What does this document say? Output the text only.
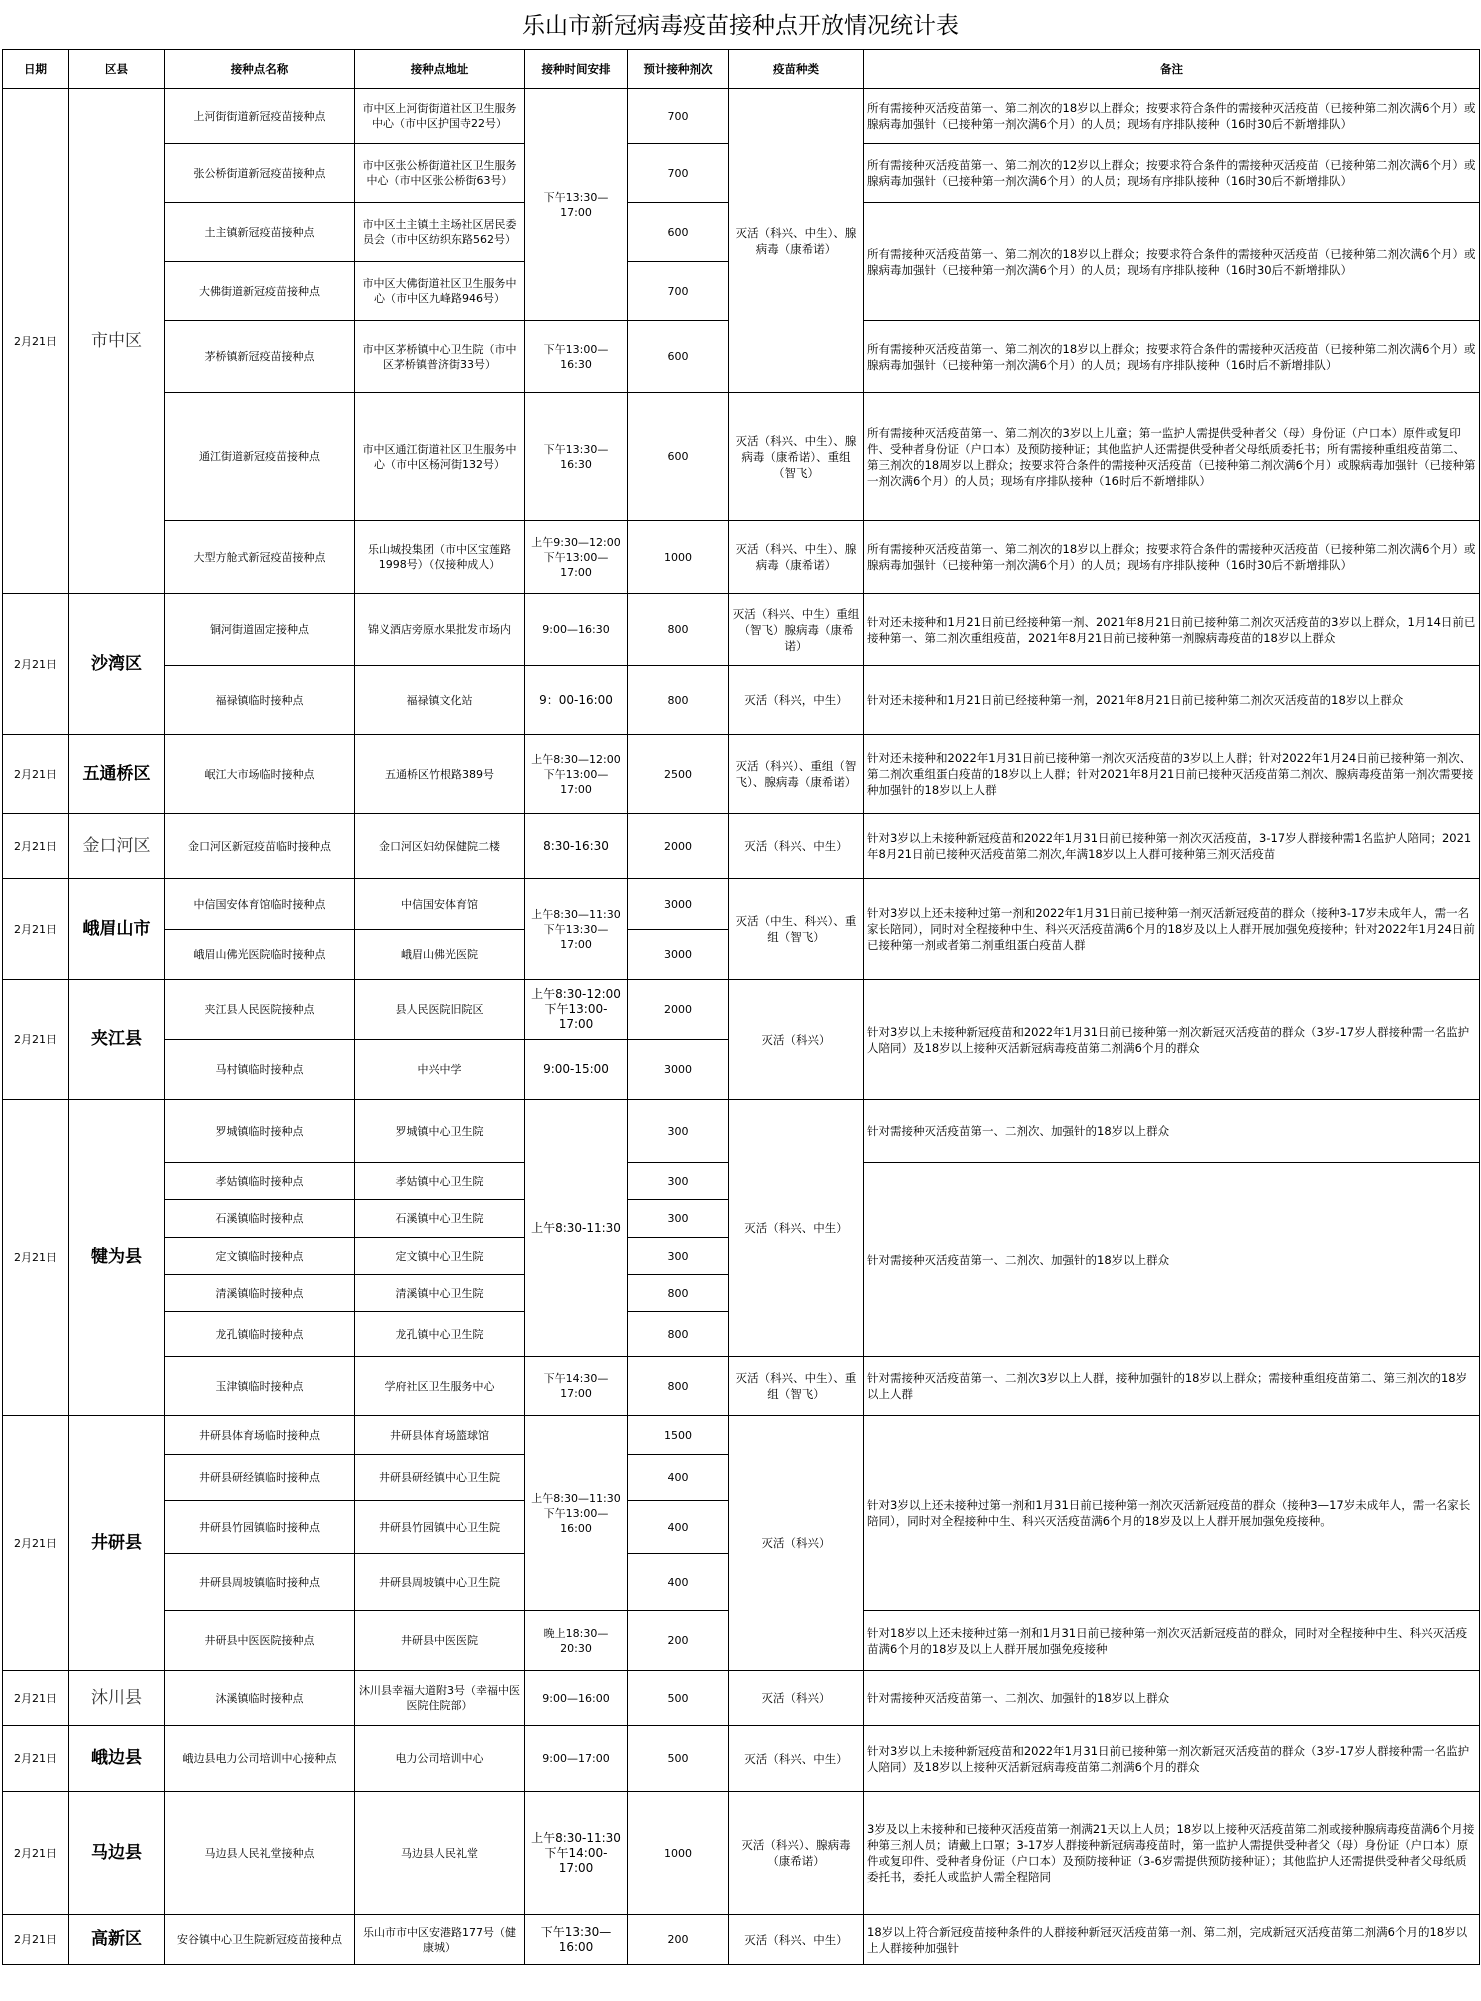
乐山市新冠病毒疫苗接种点开放情况统计表
日期	区县	接种点名称	接种点地址	接种时间安排	预计接种剂次	疫苗种类	备注
2月21日	市中区	上河街街道新冠疫苗接种点	市中区上河街街道社区卫生服务中心（市中区护国寺22号）	下午13:30—17:00	700	灭活（科兴、中生）、腺病毒（康希诺）	所有需接种灭活疫苗第一、第二剂次的18岁以上群众；按要求符合条件的需接种灭活疫苗（已接种第二剂次满6个月）或腺病毒加强针（已接种第一剂次满6个月）的人员；现场有序排队接种（16时30后不新增排队）
		张公桥街道新冠疫苗接种点	市中区张公桥街道社区卫生服务中心（市中区张公桥街63号）		700		所有需接种灭活疫苗第一、第二剂次的12岁以上群众；按要求符合条件的需接种灭活疫苗（已接种第二剂次满6个月）或腺病毒加强针（已接种第一剂次满6个月）的人员；现场有序排队接种（16时30后不新增排队）
		土主镇新冠疫苗接种点	市中区土主镇土主场社区居民委员会（市中区纺织东路562号）		600		所有需接种灭活疫苗第一、第二剂次的18岁以上群众；按要求符合条件的需接种灭活疫苗（已接种第二剂次满6个月）或腺病毒加强针（已接种第一剂次满6个月）的人员；现场有序排队接种（16时30后不新增排队）
		大佛街道新冠疫苗接种点	市中区大佛街道社区卫生服务中心（市中区九峰路946号）		700		
		茅桥镇新冠疫苗接种点	市中区茅桥镇中心卫生院（市中区茅桥镇普济街33号）	下午13:00—16:30	600		所有需接种灭活疫苗第一、第二剂次的18岁以上群众；按要求符合条件的需接种灭活疫苗（已接种第二剂次满6个月）或腺病毒加强针（已接种第一剂次满6个月）的人员；现场有序排队接种（16时后不新增排队）
		通江街道新冠疫苗接种点	市中区通江街道社区卫生服务中心（市中区杨河街132号）	下午13:30—16:30	600	灭活（科兴、中生）、腺病毒（康希诺）、重组（智飞）	所有需接种灭活疫苗第一、第二剂次的3岁以上儿童；第一监护人需提供受种者父（母）身份证（户口本）原件或复印件、受种者身份证（户口本）及预防接种证；其他监护人还需提供受种者父母纸质委托书；所有需接种重组疫苗第二、第三剂次的18周岁以上群众；按要求符合条件的需接种灭活疫苗（已接种第二剂次满6个月）或腺病毒加强针（已接种第一剂次满6个月）的人员；现场有序排队接种（16时后不新增排队）
		大型方舱式新冠疫苗接种点	乐山城投集团（市中区宝莲路1998号）（仅接种成人）	上午9:30—12:00 下午13:00—17:00	1000	灭活（科兴、中生）、腺病毒（康希诺）	所有需接种灭活疫苗第一、第二剂次的18岁以上群众；按要求符合条件的需接种灭活疫苗（已接种第二剂次满6个月）或腺病毒加强针（已接种第一剂次满6个月）的人员；现场有序排队接种（16时30后不新增排队）
2月21日	沙湾区	铜河街道固定接种点	锦义酒店旁原水果批发市场内	9:00—16:30	800	灭活（科兴、中生）重组（智飞）腺病毒（康希诺）	针对还未接种和1月21日前已经接种第一剂、2021年8月21日前已接种第二剂次灭活疫苗的3岁以上群众，1月14日前已接种第一、第二剂次重组疫苗，2021年8月21日前已接种第一剂腺病毒疫苗的18岁以上群众
		福禄镇临时接种点	福禄镇文化站	9：00-16:00	800	灭活（科兴，中生）	针对还未接种和1月21日前已经接种第一剂，2021年8月21日前已接种第二剂次灭活疫苗的18岁以上群众
2月21日	五通桥区	岷江大市场临时接种点	五通桥区竹根路389号	上午8:30—12:00 下午13:00—17:00	2500	灭活（科兴）、重组（智飞）、腺病毒（康希诺）	针对还未接种和2022年1月31日前已接种第一剂次灭活疫苗的3岁以上人群；针对2022年1月24日前已接种第一剂次、第二剂次重组蛋白疫苗的18岁以上人群；针对2021年8月21日前已接种灭活疫苗第二剂次、腺病毒疫苗第一剂次需要接种加强针的18岁以上人群
2月21日	金口河区	金口河区新冠疫苗临时接种点	金口河区妇幼保健院二楼	8:30-16:30	2000	灭活（科兴、中生）	针对3岁以上未接种新冠疫苗和2022年1月31日前已接种第一剂次灭活疫苗，3-17岁人群接种需1名监护人陪同；2021年8月21日前已接种灭活疫苗第二剂次,年满18岁以上人群可接种第三剂灭活疫苗
2月21日	峨眉山市	中信国安体育馆临时接种点	中信国安体育馆	上午8:30—11:30 下午13:30—17:00	3000	灭活（中生、科兴）、重组（智飞）	针对3岁以上还未接种过第一剂和2022年1月31日前已接种第一剂灭活新冠疫苗的群众（接种3-17岁未成年人，需一名家长陪同），同时对全程接种中生、科兴灭活疫苗满6个月的18岁及以上人群开展加强免疫接种；针对2022年1月24日前已接种第一剂或者第二剂重组蛋白疫苗人群
		峨眉山佛光医院临时接种点	峨眉山佛光医院		3000		
2月21日	夹江县	夹江县人民医院接种点	县人民医院旧院区	上午8:30-12:00 下午13:00-17:00	2000	灭活（科兴）	针对3岁以上未接种新冠疫苗和2022年1月31日前已接种第一剂次新冠灭活疫苗的群众（3岁-17岁人群接种需一名监护人陪同）及18岁以上接种灭活新冠病毒疫苗第二剂满6个月的群众
		马村镇临时接种点	中兴中学	9:00-15:00	3000		
2月21日	犍为县	罗城镇临时接种点	罗城镇中心卫生院	上午8:30-11:30	300	灭活（科兴、中生）	针对需接种灭活疫苗第一、二剂次、加强针的18岁以上群众
		孝姑镇临时接种点	孝姑镇中心卫生院		300		针对需接种灭活疫苗第一、二剂次、加强针的18岁以上群众
		石溪镇临时接种点	石溪镇中心卫生院		300		
		定文镇临时接种点	定文镇中心卫生院		300		
		清溪镇临时接种点	清溪镇中心卫生院		800		
		龙孔镇临时接种点	龙孔镇中心卫生院		800		
		玉津镇临时接种点	学府社区卫生服务中心	下午14:30—17:00	800	灭活（科兴、中生）、重组（智飞）	针对需接种灭活疫苗第一、二剂次3岁以上人群，接种加强针的18岁以上群众；需接种重组疫苗第二、第三剂次的18岁以上人群
2月21日	井研县	井研县体育场临时接种点	井研县体育场篮球馆	上午8:30—11:30 下午13:00—16:00	1500	灭活（科兴）	针对3岁以上还未接种过第一剂和1月31日前已接种第一剂次灭活新冠疫苗的群众（接种3—17岁未成年人，需一名家长陪同），同时对全程接种中生、科兴灭活疫苗满6个月的18岁及以上人群开展加强免疫接种。
		井研县研经镇临时接种点	井研县研经镇中心卫生院		400		
		井研县竹园镇临时接种点	井研县竹园镇中心卫生院		400		
		井研县周坡镇临时接种点	井研县周坡镇中心卫生院		400		
		井研县中医医院接种点	井研县中医医院	晚上18:30—20:30	200		针对18岁以上还未接种过第一剂和1月31日前已接种第一剂次灭活新冠疫苗的群众，同时对全程接种中生、科兴灭活疫苗满6个月的18岁及以上人群开展加强免疫接种
2月21日	沐川县	沐溪镇临时接种点	沐川县幸福大道附3号（幸福中医医院住院部）	9:00—16:00	500	灭活（科兴）	针对需接种灭活疫苗第一、二剂次、加强针的18岁以上群众
2月21日	峨边县	峨边县电力公司培训中心接种点	电力公司培训中心	9:00—17:00	500	灭活（科兴、中生）	针对3岁以上未接种新冠疫苗和2022年1月31日前已接种第一剂次新冠灭活疫苗的群众（3岁-17岁人群接种需一名监护人陪同）及18岁以上接种灭活新冠病毒疫苗第二剂满6个月的群众
2月21日	马边县	马边县人民礼堂接种点	马边县人民礼堂	上午8:30-11:30 下午14:00-17:00	1000	灭活（科兴）、腺病毒（康希诺）	3岁及以上未接种和已接种灭活疫苗第一剂满21天以上人员；18岁以上接种灭活疫苗第二剂或接种腺病毒疫苗满6个月接种第三剂人员；请戴上口罩；3-17岁人群接种新冠病毒疫苗时，第一监护人需提供受种者父（母）身份证（户口本）原件或复印件、受种者身份证（户口本）及预防接种证（3-6岁需提供预防接种证）；其他监护人还需提供受种者父母纸质委托书，委托人或监护人需全程陪同
2月21日	高新区	安谷镇中心卫生院新冠疫苗接种点	乐山市市中区安港路177号（健康城）	下午13:30—16:00	200	灭活（科兴、中生）	18岁以上符合新冠疫苗接种条件的人群接种新冠灭活疫苗第一剂、第二剂，完成新冠灭活疫苗第二剂满6个月的18岁以上人群接种加强针
